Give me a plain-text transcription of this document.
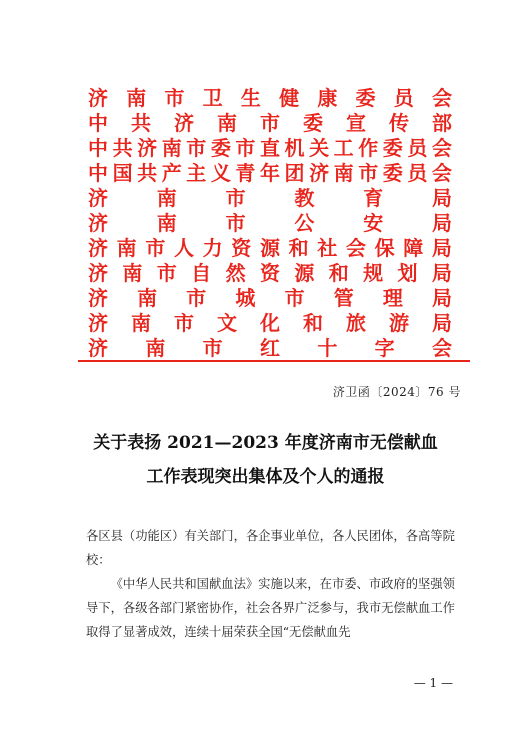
济 南 市 卫 生 健 康 委 员 会
中 共 济 南 市 委 宣 传 部
中 共 济 南 市 委 市 直 机 关 工 作 委 员 会
中 国 共 产 主 义 青 年 团 济 南 市 委 员 会
济 南 市 教 育 局
济 南 市 公 安 局
济 南 市 人 力 资 源 和 社 会 保 障 局
济 南 市 自 然 资 源 和 规 划 局
济 南 市 城 市 管 理 局
济 南 市 文 化 和 旅 游 局
济 南 市 红 十 字 会
济卫函〔2024〕76 号
关于表扬 2021—2023 年度济南市无偿献血
工作表现突出集体及个人的通报
各区县（功能区）有关部门，各企事业单位，各人民团体，各高等院校：
《中华人民共和国献血法》实施以来，在市委、市政府的坚强领导下，各级各部门紧密协作，社会各界广泛参与，我市无偿献血工作取得了显著成效，连续十届荣获全国“无偿献血先
— 1 —
